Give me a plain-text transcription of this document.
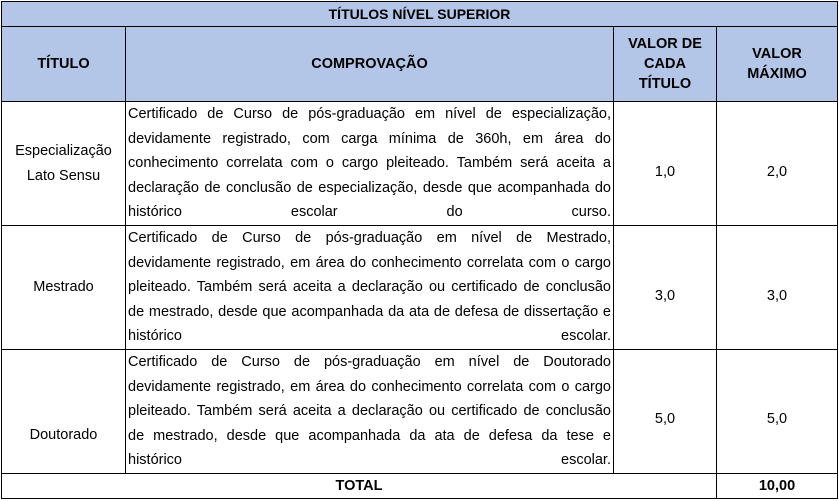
TÍTULOS NÍVEL SUPERIOR			
TÍTULO	COMPROVAÇÃO	VALOR DE CADA TÍTULO	VALOR MÁXIMO

Especialização Lato Sensu	Certificado de Curso de pós-graduação em nível de especialização, devidamente registrado, com carga mínima de 360h, em área do conhecimento correlata com o cargo pleiteado. Também será aceita a declaração de conclusão de especialização, desde que acompanhada do histórico escolar do curso.	1,0	2,0
Mestrado	Certificado de Curso de pós-graduação em nível de Mestrado, devidamente registrado, em área do conhecimento correlata com o cargo pleiteado. Também será aceita a declaração ou certificado de conclusão de mestrado, desde que acompanhada da ata de defesa de dissertação e histórico escolar.	3,0	3,0
Doutorado	Certificado de Curso de pós-graduação em nível de Doutorado devidamente registrado, em área do conhecimento correlata com o cargo pleiteado. Também será aceita a declaração ou certificado de conclusão de mestrado, desde que acompanhada da ata de defesa da tese e histórico escolar.	5,0	5,0
TOTAL			10,00
